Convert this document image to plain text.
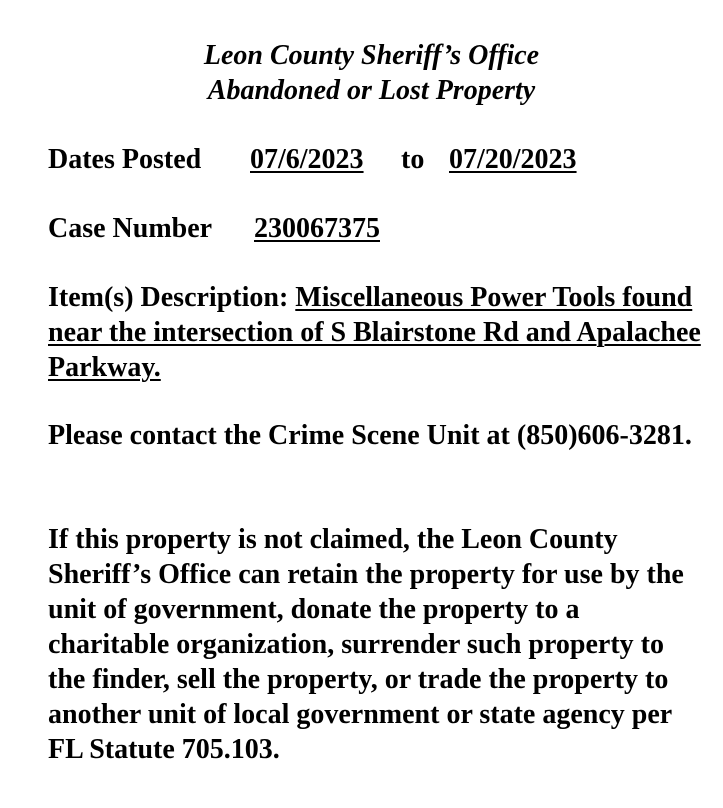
Leon County Sheriff’s Office
Abandoned or Lost Property
Dates Posted 07/6/2023 to 07/20/2023
Case Number 230067375
Item(s) Description: Miscellaneous Power Tools found near the intersection of S Blairstone Rd and Apalachee Parkway.
Please contact the Crime Scene Unit at (850)606-3281.
If this property is not claimed, the Leon County Sheriff’s Office can retain the property for use by the unit of government, donate the property to a charitable organization, surrender such property to the finder, sell the property, or trade the property to another unit of local government or state agency per FL Statute 705.103.
